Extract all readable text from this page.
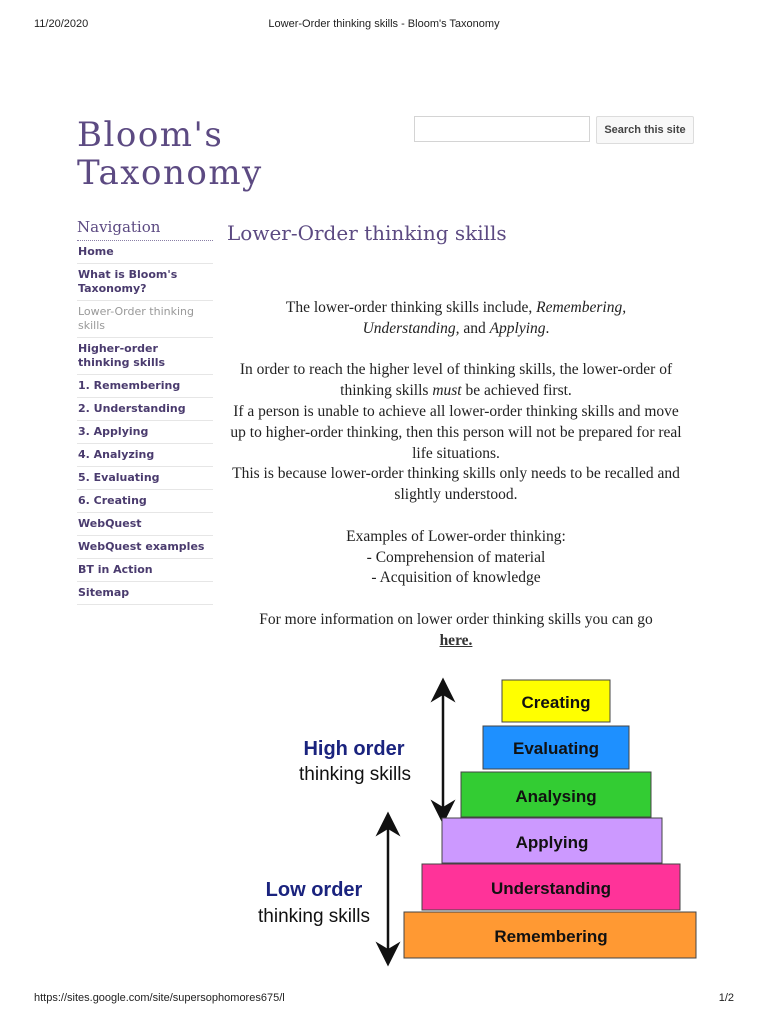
11/20/2020	Lower-Order thinking skills - Bloom's Taxonomy
Bloom's
Taxonomy
Search this site
Navigation
Home
What is Bloom's Taxonomy?
Lower-Order thinking skills
Higher-order thinking skills
1. Remembering
2. Understanding
3. Applying
4. Analyzing
5. Evaluating
6. Creating
WebQuest
WebQuest examples
BT in Action
Sitemap
Lower-Order thinking skills

The lower-order thinking skills include, Remembering,
Understanding, and Applying.

In order to reach the higher level of thinking skills, the lower-order of thinking skills must be achieved first.
If a person is unable to achieve all lower-order thinking skills and move up to higher-order thinking, then this person will not be prepared for real life situations.
This is because lower-order thinking skills only needs to be recalled and slightly understood.

Examples of Lower-order thinking:
- Comprehension of material
- Acquisition of knowledge

For more information on lower order thinking skills you can go
here.

High order
thinking skills
Low order
thinking skills
Creating
Evaluating
Analysing
Applying
Understanding
Remembering
https://sites.google.com/site/supersophomores675/l	1/2
